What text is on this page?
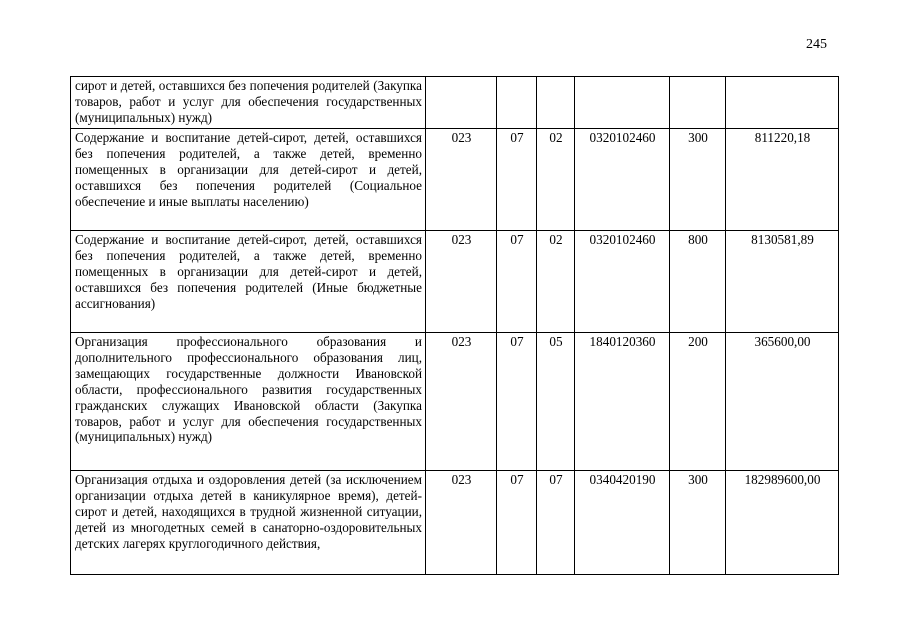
245
сирот и детей, оставшихся без попечения родителей (Закупка товаров, работ и услуг для обеспечения государственных (муниципальных) нужд)						
Содержание и воспитание детей-сирот, детей, оставшихся без попечения родителей, а также детей, временно помещенных в организации для детей-сирот и детей, оставшихся без попечения родителей (Социальное обеспечение и иные выплаты населению)	023	07	02	0320102460	300	811220,18
Содержание и воспитание детей-сирот, детей, оставшихся без попечения родителей, а также детей, временно помещенных в организации для детей-сирот и детей, оставшихся без попечения родителей (Иные бюджетные ассигнования)	023	07	02	0320102460	800	8130581,89
Организация профессионального образования и дополнительного профессионального образования лиц, замещающих государственные должности Ивановской области, профессионального развития государственных гражданских служащих Ивановской области (Закупка товаров, работ и услуг для обеспечения государственных (муниципальных) нужд)	023	07	05	1840120360	200	365600,00
Организация отдыха и оздоровления детей (за исключением организации отдыха детей в каникулярное время), детей-сирот и детей, находящихся в трудной жизненной ситуации, детей из многодетных семей в санаторно-оздоровительных детских лагерях круглогодичного действия,	023	07	07	0340420190	300	182989600,00
